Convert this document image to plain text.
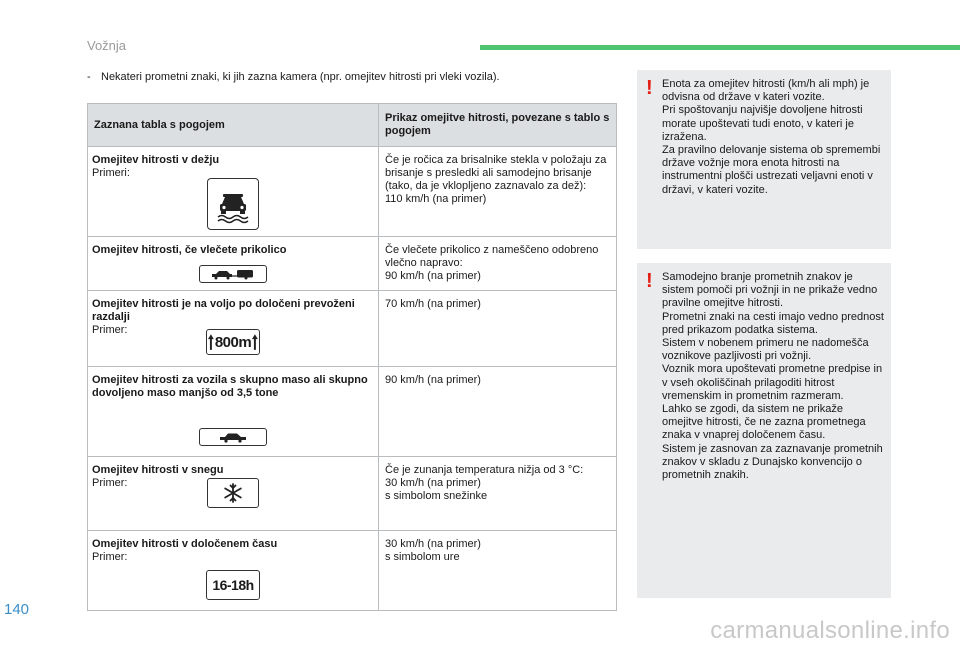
Vožnja
- Nekateri prometni znaki, ki jih zazna kamera (npr. omejitev hitrosti pri vleki vozila).
Zaznana tabla s pogojem	Prikaz omejitve hitrosti, povezane s tablo s pogojem

Omejitev hitrosti v dežju
Primeri:	Če je ročica za brisalnike stekla v položaju za brisanje s presledki ali samodejno brisanje (tako, da je vklopljeno zaznavalo za dež):
110 km/h (na primer)

Omejitev hitrosti, če vlečete prikolico	Če vlečete prikolico z nameščeno odobreno vlečno napravo:
90 km/h (na primer)

Omejitev hitrosti je na voljo po določeni prevoženi razdalji
Primer:
800m	70 km/h (na primer)

Omejitev hitrosti za vozila s skupno maso ali skupno dovoljeno maso manjšo od 3,5 tone	90 km/h (na primer)

Omejitev hitrosti v snegu
Primer:	Če je zunanja temperatura nižja od 3 °C:
30 km/h (na primer)
s simbolom snežinke

Omejitev hitrosti v določenem času
Primer:
16-18h	30 km/h (na primer)
s simbolom ure
! Enota za omejitev hitrosti (km/h ali mph) je odvisna od države v kateri vozite.
Pri spoštovanju najvišje dovoljene hitrosti morate upoštevati tudi enoto, v kateri je izražena.
Za pravilno delovanje sistema ob spremembi države vožnje mora enota hitrosti na instrumentni plošči ustrezati veljavni enoti v državi, v kateri vozite.

! Samodejno branje prometnih znakov je sistem pomoči pri vožnji in ne prikaže vedno pravilne omejitve hitrosti.
Prometni znaki na cesti imajo vedno prednost pred prikazom podatka sistema.
Sistem v nobenem primeru ne nadomešča voznikove pazljivosti pri vožnji.
Voznik mora upoštevati prometne predpise in v vseh okoliščinah prilagoditi hitrost vremenskim in prometnim razmeram.
Lahko se zgodi, da sistem ne prikaže omejitve hitrosti, če ne zazna prometnega znaka v vnaprej določenem času.
Sistem je zasnovan za zaznavanje prometnih znakov v skladu z Dunajsko konvencijo o prometnih znakih.

140
carmanualsonline.info
